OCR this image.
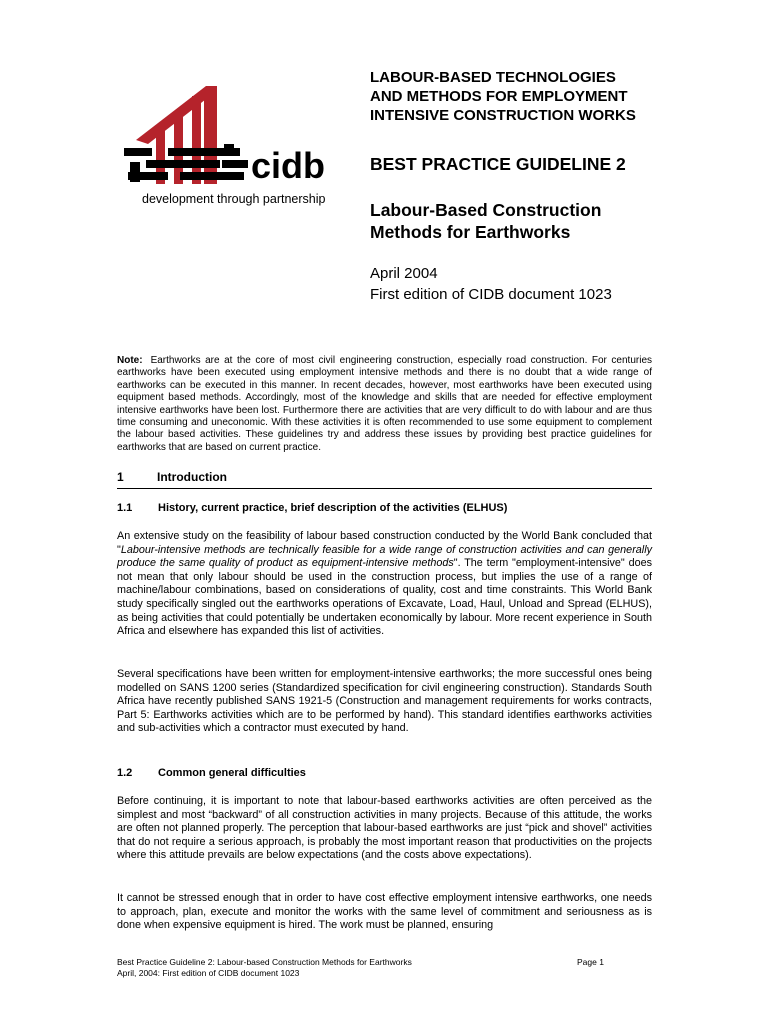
cidb
development through partnership
LABOUR-BASED TECHNOLOGIES
AND METHODS FOR EMPLOYMENT
INTENSIVE CONSTRUCTION WORKS
BEST PRACTICE GUIDELINE 2
Labour-Based Construction
Methods for Earthworks
April 2004
First edition of CIDB document 1023
Note: Earthworks are at the core of most civil engineering construction, especially road construction. For centuries earthworks have been executed using employment intensive methods and there is no doubt that a wide range of earthworks can be executed in this manner. In recent decades, however, most earthworks have been executed using equipment based methods. Accordingly, most of the knowledge and skills that are needed for effective employment intensive earthworks have been lost. Furthermore there are activities that are very difficult to do with labour and are thus time consuming and uneconomic. With these activities it is often recommended to use some equipment to complement the labour based activities. These guidelines try and address these issues by providing best practice guidelines for earthworks that are based on current practice.
1	Introduction
1.1 History, current practice, brief description of the activities (ELHUS)
An extensive study on the feasibility of labour based construction conducted by the World Bank concluded that "Labour-intensive methods are technically feasible for a wide range of construction activities and can generally produce the same quality of product as equipment-intensive methods". The term "employment-intensive" does not mean that only labour should be used in the construction process, but implies the use of a range of machine/labour combinations, based on considerations of quality, cost and time constraints. This World Bank study specifically singled out the earthworks operations of Excavate, Load, Haul, Unload and Spread (ELHUS), as being activities that could potentially be undertaken economically by labour. More recent experience in South Africa and elsewhere has expanded this list of activities.
Several specifications have been written for employment-intensive earthworks; the more successful ones being modelled on SANS 1200 series (Standardized specification for civil engineering construction). Standards South Africa have recently published SANS 1921-5 (Construction and management requirements for works contracts, Part 5: Earthworks activities which are to be performed by hand). This standard identifies earthworks activities and sub-activities which a contractor must executed by hand.
1.2 Common general difficulties
Before continuing, it is important to note that labour-based earthworks activities are often perceived as the simplest and most “backward” of all construction activities in many projects. Because of this attitude, the works are often not planned properly. The perception that labour-based earthworks are just “pick and shovel” activities that do not require a serious approach, is probably the most important reason that productivities on the projects where this attitude prevails are below expectations (and the costs above expectations).
It cannot be stressed enough that in order to have cost effective employment intensive earthworks, one needs to approach, plan, execute and monitor the works with the same level of commitment and seriousness as is done when expensive equipment is hired. The work must be planned, ensuring
Best Practice Guideline 2: Labour-based Construction Methods for Earthworks
April, 2004: First edition of CIDB document 1023
Page 1
